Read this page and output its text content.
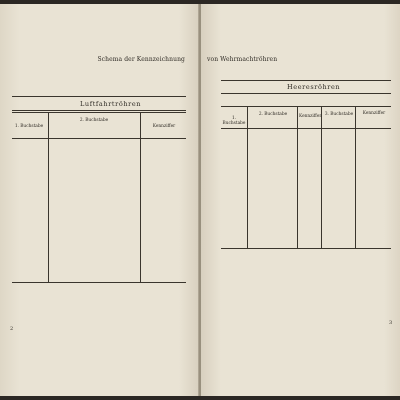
Schema der Kennzeichnung
Luftfahrtröhren
1. Buchstabe
2. Buchstabe
Kennziffer
2
von Wehrmachtröhren
Heeresröhren
1. Buchstabe
2. Buchstabe	Kennziffer 3. Buchstabe	Kennziffer
3
